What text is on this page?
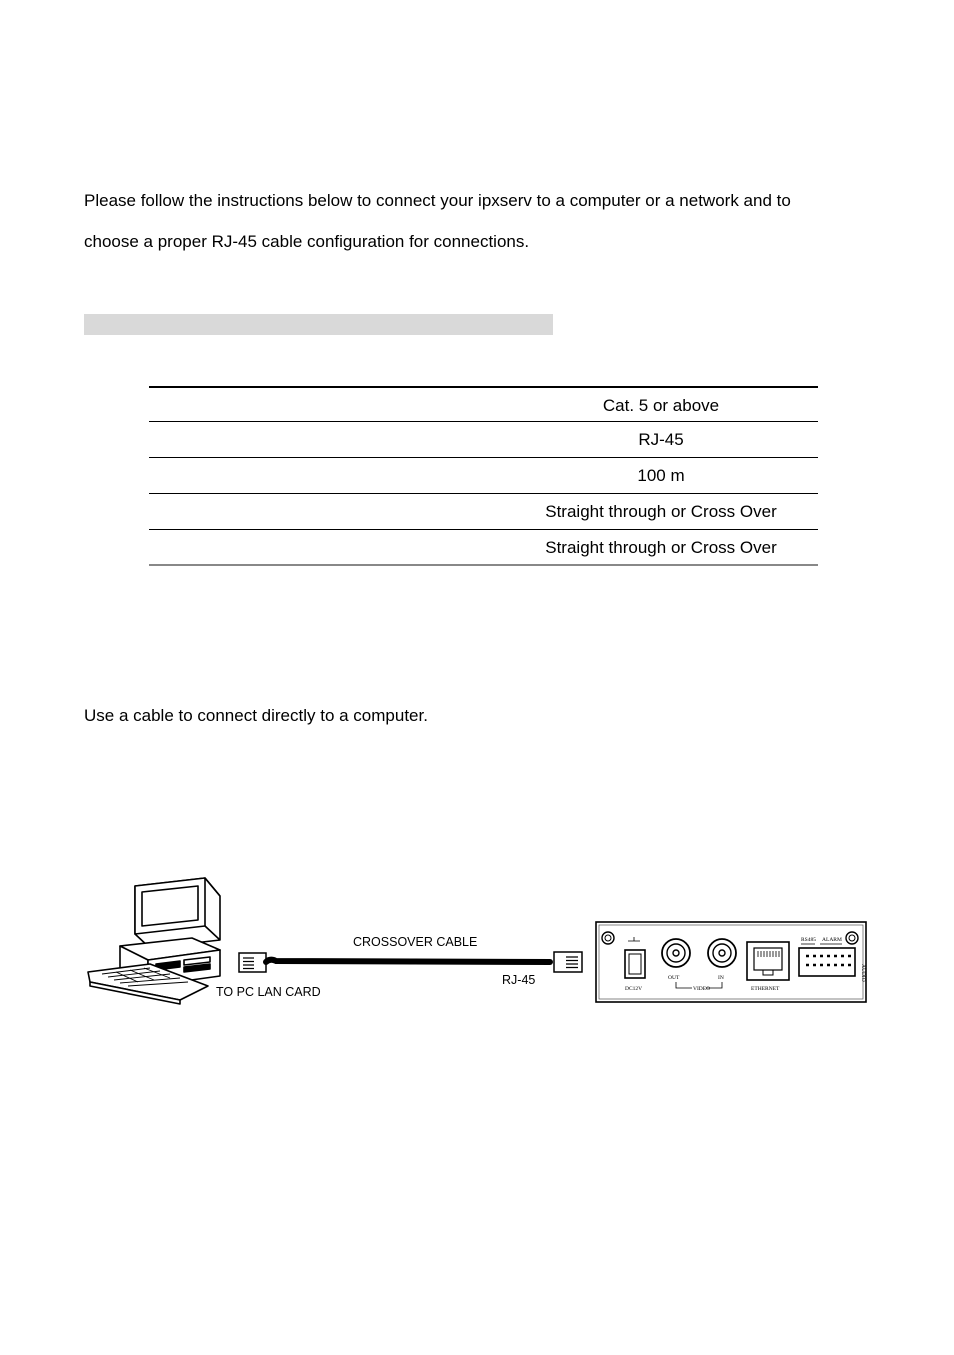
Please follow the instructions below to connect your ipxserv to a computer or a network and to

choose a proper RJ-45 cable configuration for connections.

Cat. 5 or above
RJ-45
100 m
Straight through or Cross Over
Straight through or Cross Over

Use a cable to connect directly to a computer.

CROSSOVER CABLE
TO PC LAN CARD
RJ-45
DC12V
OUT	IN
VIDEO	ETHERNET
RS485 ALARM
AUDIO
